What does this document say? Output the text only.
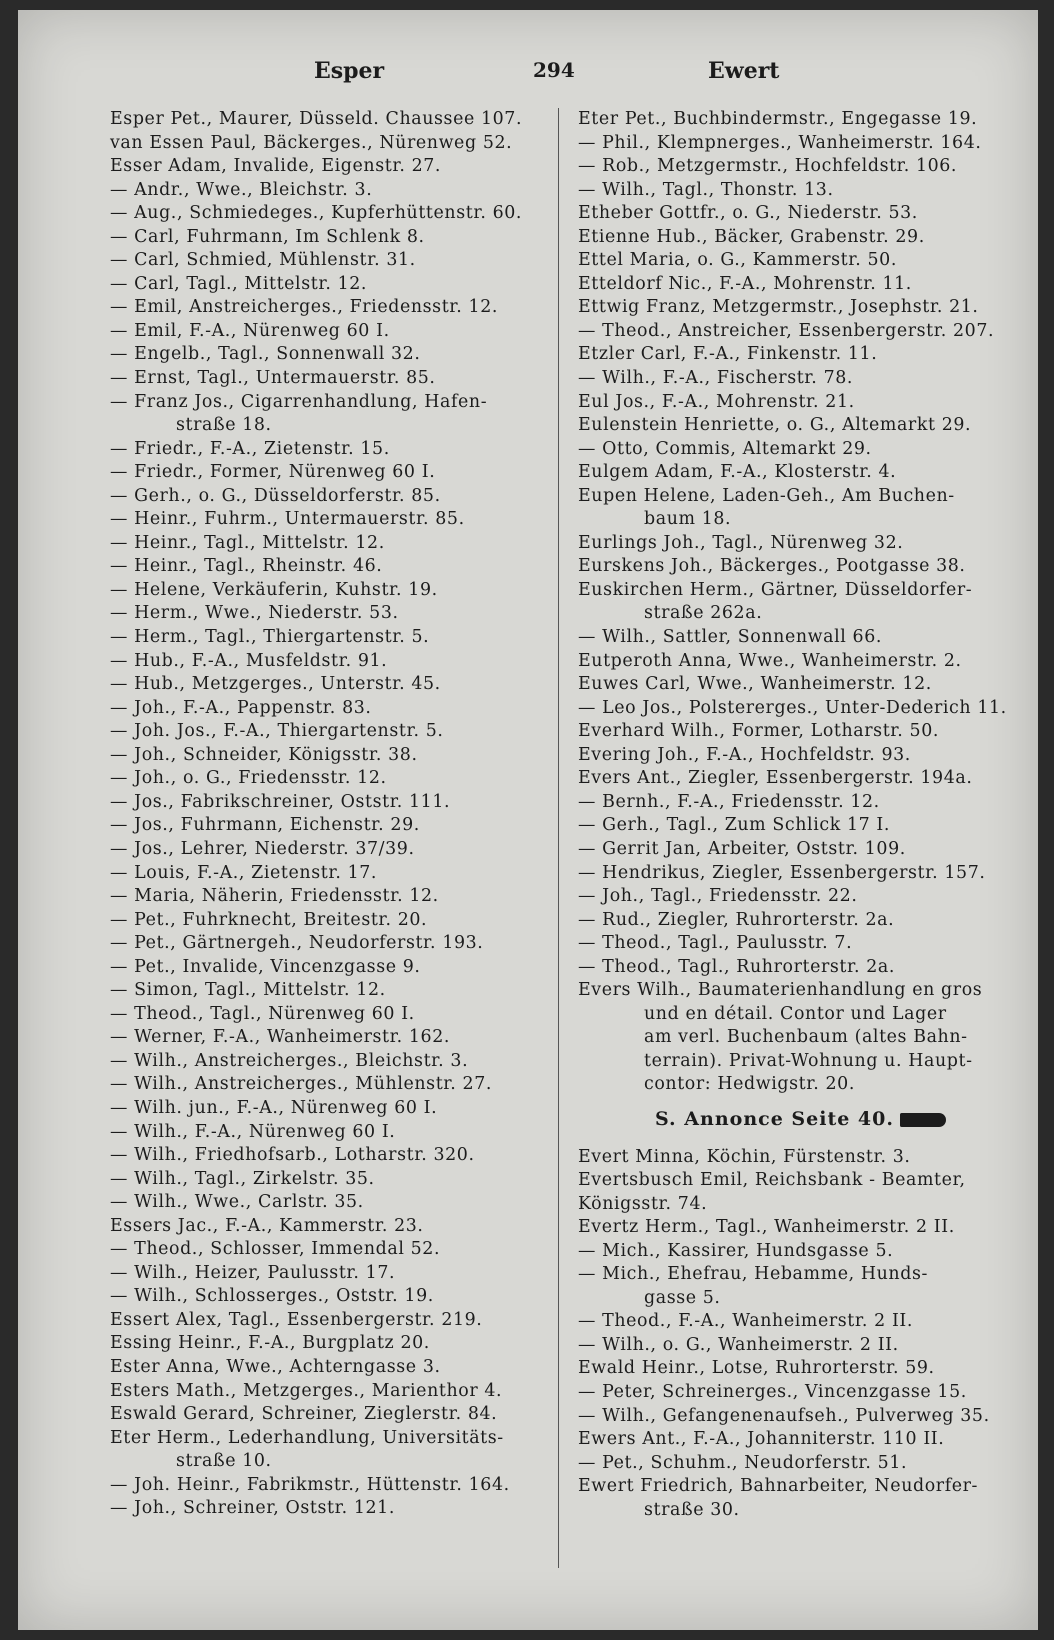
Esper	294	Ewert
Esper Pet., Maurer, Düsseld. Chaussee 107.
van Essen Paul, Bäckerges., Nürenweg 52.
Esser Adam, Invalide, Eigenstr. 27.
— Andr., Wwe., Bleichstr. 3.
— Aug., Schmiedeges., Kupferhüttenstr. 60.
— Carl, Fuhrmann, Im Schlenk 8.
— Carl, Schmied, Mühlenstr. 31.
— Carl, Tagl., Mittelstr. 12.
— Emil, Anstreicherges., Friedensstr. 12.
— Emil, F.-A., Nürenweg 60 I.
— Engelb., Tagl., Sonnenwall 32.
— Ernst, Tagl., Untermauerstr. 85.
— Franz Jos., Cigarrenhandlung, Hafen-
straße 18.
— Friedr., F.-A., Zietenstr. 15.
— Friedr., Former, Nürenweg 60 I.
— Gerh., o. G., Düsseldorferstr. 85.
— Heinr., Fuhrm., Untermauerstr. 85.
— Heinr., Tagl., Mittelstr. 12.
— Heinr., Tagl., Rheinstr. 46.
— Helene, Verkäuferin, Kuhstr. 19.
— Herm., Wwe., Niederstr. 53.
— Herm., Tagl., Thiergartenstr. 5.
— Hub., F.-A., Musfeldstr. 91.
— Hub., Metzgerges., Unterstr. 45.
— Joh., F.-A., Pappenstr. 83.
— Joh. Jos., F.-A., Thiergartenstr. 5.
— Joh., Schneider, Königsstr. 38.
— Joh., o. G., Friedensstr. 12.
— Jos., Fabrikschreiner, Oststr. 111.
— Jos., Fuhrmann, Eichenstr. 29.
— Jos., Lehrer, Niederstr. 37/39.
— Louis, F.-A., Zietenstr. 17.
— Maria, Näherin, Friedensstr. 12.
— Pet., Fuhrknecht, Breitestr. 20.
— Pet., Gärtnergeh., Neudorferstr. 193.
— Pet., Invalide, Vincenzgasse 9.
— Simon, Tagl., Mittelstr. 12.
— Theod., Tagl., Nürenweg 60 I.
— Werner, F.-A., Wanheimerstr. 162.
— Wilh., Anstreicherges., Bleichstr. 3.
— Wilh., Anstreicherges., Mühlenstr. 27.
— Wilh. jun., F.-A., Nürenweg 60 I.
— Wilh., F.-A., Nürenweg 60 I.
— Wilh., Friedhofsarb., Lotharstr. 320.
— Wilh., Tagl., Zirkelstr. 35.
— Wilh., Wwe., Carlstr. 35.
Essers Jac., F.-A., Kammerstr. 23.
— Theod., Schlosser, Immendal 52.
— Wilh., Heizer, Paulusstr. 17.
— Wilh., Schlosserges., Oststr. 19.
Essert Alex, Tagl., Essenbergerstr. 219.
Essing Heinr., F.-A., Burgplatz 20.
Ester Anna, Wwe., Achterngasse 3.
Esters Math., Metzgerges., Marienthor 4.
Eswald Gerard, Schreiner, Zieglerstr. 84.
Eter Herm., Lederhandlung, Universitäts-
straße 10.
— Joh. Heinr., Fabrikmstr., Hüttenstr. 164.
— Joh., Schreiner, Oststr. 121.
Eter Pet., Buchbindermstr., Engegasse 19.
— Phil., Klempnerges., Wanheimerstr. 164.
— Rob., Metzgermstr., Hochfeldstr. 106.
— Wilh., Tagl., Thonstr. 13.
Etheber Gottfr., o. G., Niederstr. 53.
Etienne Hub., Bäcker, Grabenstr. 29.
Ettel Maria, o. G., Kammerstr. 50.
Etteldorf Nic., F.-A., Mohrenstr. 11.
Ettwig Franz, Metzgermstr., Josephstr. 21.
— Theod., Anstreicher, Essenbergerstr. 207.
Etzler Carl, F.-A., Finkenstr. 11.
— Wilh., F.-A., Fischerstr. 78.
Eul Jos., F.-A., Mohrenstr. 21.
Eulenstein Henriette, o. G., Altemarkt 29.
— Otto, Commis, Altemarkt 29.
Eulgem Adam, F.-A., Klosterstr. 4.
Eupen Helene, Laden-Geh., Am Buchen-
baum 18.
Eurlings Joh., Tagl., Nürenweg 32.
Eurskens Joh., Bäckerges., Pootgasse 38.
Euskirchen Herm., Gärtner, Düsseldorfer-
straße 262a.
— Wilh., Sattler, Sonnenwall 66.
Eutperoth Anna, Wwe., Wanheimerstr. 2.
Euwes Carl, Wwe., Wanheimerstr. 12.
— Leo Jos., Polstererges., Unter-Dederich 11.
Everhard Wilh., Former, Lotharstr. 50.
Evering Joh., F.-A., Hochfeldstr. 93.
Evers Ant., Ziegler, Essenbergerstr. 194a.
— Bernh., F.-A., Friedensstr. 12.
— Gerh., Tagl., Zum Schlick 17 I.
— Gerrit Jan, Arbeiter, Oststr. 109.
— Hendrikus, Ziegler, Essenbergerstr. 157.
— Joh., Tagl., Friedensstr. 22.
— Rud., Ziegler, Ruhrorterstr. 2a.
— Theod., Tagl., Paulusstr. 7.
— Theod., Tagl., Ruhrorterstr. 2a.
Evers Wilh., Baumaterienhandlung en gros
und en détail. Contor und Lager
am verl. Buchenbaum (altes Bahn-
terrain). Privat-Wohnung u. Haupt-
contor: Hedwigstr. 20.
S. Annonce Seite 40.
Evert Minna, Köchin, Fürstenstr. 3.
Evertsbusch Emil, Reichsbank - Beamter,
Königsstr. 74.
Evertz Herm., Tagl., Wanheimerstr. 2 II.
— Mich., Kassirer, Hundsgasse 5.
— Mich., Ehefrau, Hebamme, Hunds-
gasse 5.
— Theod., F.-A., Wanheimerstr. 2 II.
— Wilh., o. G., Wanheimerstr. 2 II.
Ewald Heinr., Lotse, Ruhrorterstr. 59.
— Peter, Schreinerges., Vincenzgasse 15.
— Wilh., Gefangenenaufseh., Pulverweg 35.
Ewers Ant., F.-A., Johanniterstr. 110 II.
— Pet., Schuhm., Neudorferstr. 51.
Ewert Friedrich, Bahnarbeiter, Neudorfer-
straße 30.
